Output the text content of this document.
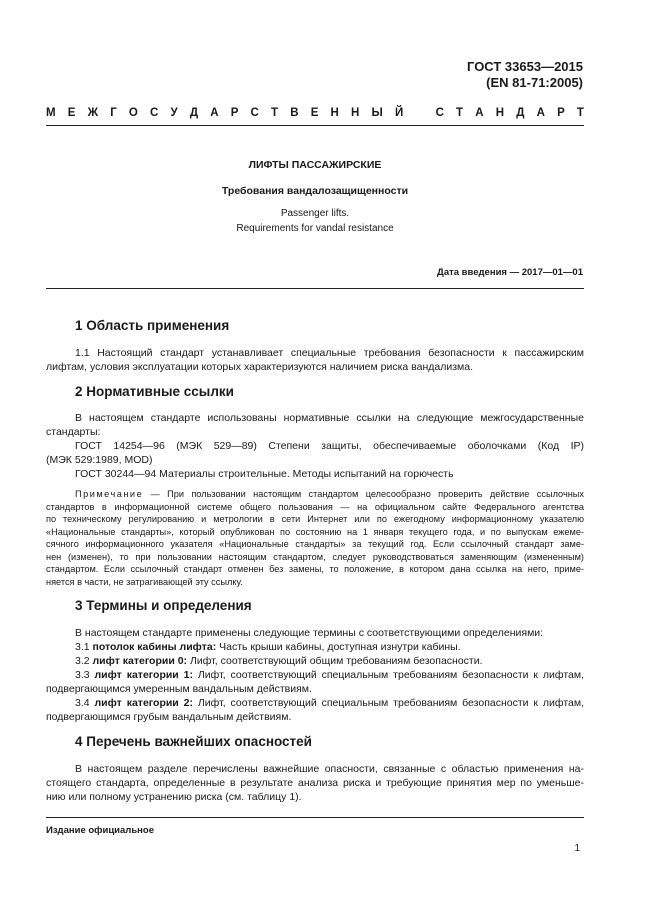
ГОСТ 33653—2015
(EN 81-71:2005)
М Е Ж Г О С У Д А Р С Т В Е Н Н Ы Й	С Т А Н Д А Р Т
ЛИФТЫ ПАССАЖИРСКИЕ
Требования вандалозащищенности
Passenger lifts.
Requirements for vandal resistance
Дата введения — 2017—01—01
1 Область применения
1.1 Настоящий стандарт устанавливает специальные требования безопасности к пассажирским
лифтам, условия эксплуатации которых характеризуются наличием риска вандализма.
2 Нормативные ссылки
В настоящем стандарте использованы нормативные ссылки на следующие межгосударственные
стандарты:
ГОСТ 14254—96 (МЭК 529—89) Степени защиты, обеспечиваемые оболочками (Код IP)
(МЭК 529:1989, MOD)
ГОСТ 30244—94 Материалы строительные. Методы испытаний на горючесть
Примечание — При пользовании настоящим стандартом целесообразно проверить действие ссылочных
стандартов в информационной системе общего пользования — на официальном сайте Федерального агентства
по техническому регулированию и метрологии в сети Интернет или по ежегодному информационному указателю
«Национальные стандарты», который опубликован по состоянию на 1 января текущего года, и по выпускам ежеме-
сячного информационного указателя «Национальные стандарты» за текущий год. Если ссылочный стандарт заме-
нен (изменен), то при пользовании настоящим стандартом, следует руководствоваться заменяющим (измененным)
стандартом. Если ссылочный стандарт отменен без замены, то положение, в котором дана ссылка на него, приме-
няется в части, не затрагивающей эту ссылку.
3 Термины и определения
В настоящем стандарте применены следующие термины с соответствующими определениями:
3.1 потолок кабины лифта: Часть крыши кабины, доступная изнутри кабины.
3.2 лифт категории 0: Лифт, соответствующий общим требованиям безопасности.
3.3 лифт категории 1: Лифт, соответствующий специальным требованиям безопасности к лифтам,
подвергающимся умеренным вандальным действиям.
3.4 лифт категории 2: Лифт, соответствующий специальным требованиям безопасности к лифтам,
подвергающимся грубым вандальным действиям.
4 Перечень важнейших опасностей
В настоящем разделе перечислены важнейшие опасности, связанные с областью применения на-
стоящего стандарта, определенные в результате анализа риска и требующие принятия мер по уменьше-
нию или полному устранению риска (см. таблицу 1).
Издание официальное
1
